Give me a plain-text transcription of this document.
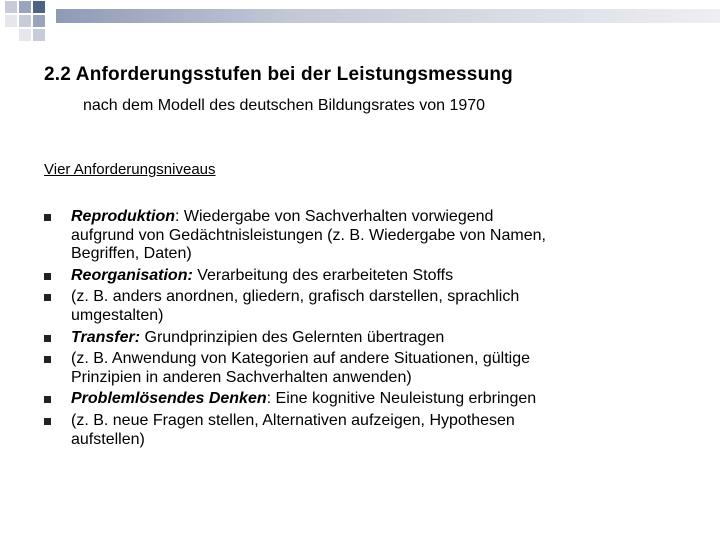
2.2 Anforderungsstufen bei der Leistungsmessung
nach dem Modell des deutschen Bildungsrates von 1970
Vier Anforderungsniveaus
Reproduktion: Wiedergabe von Sachverhalten vorwiegend
aufgrund von Gedächtnisleistungen (z. B. Wiedergabe von Namen,
Begriffen, Daten)
Reorganisation: Verarbeitung des erarbeiteten Stoffs
(z. B. anders anordnen, gliedern, grafisch darstellen, sprachlich
umgestalten)
Transfer: Grundprinzipien des Gelernten übertragen
(z. B. Anwendung von Kategorien auf andere Situationen, gültige
Prinzipien in anderen Sachverhalten anwenden)
Problemlösendes Denken: Eine kognitive Neuleistung erbringen
(z. B. neue Fragen stellen, Alternativen aufzeigen, Hypothesen
aufstellen)
